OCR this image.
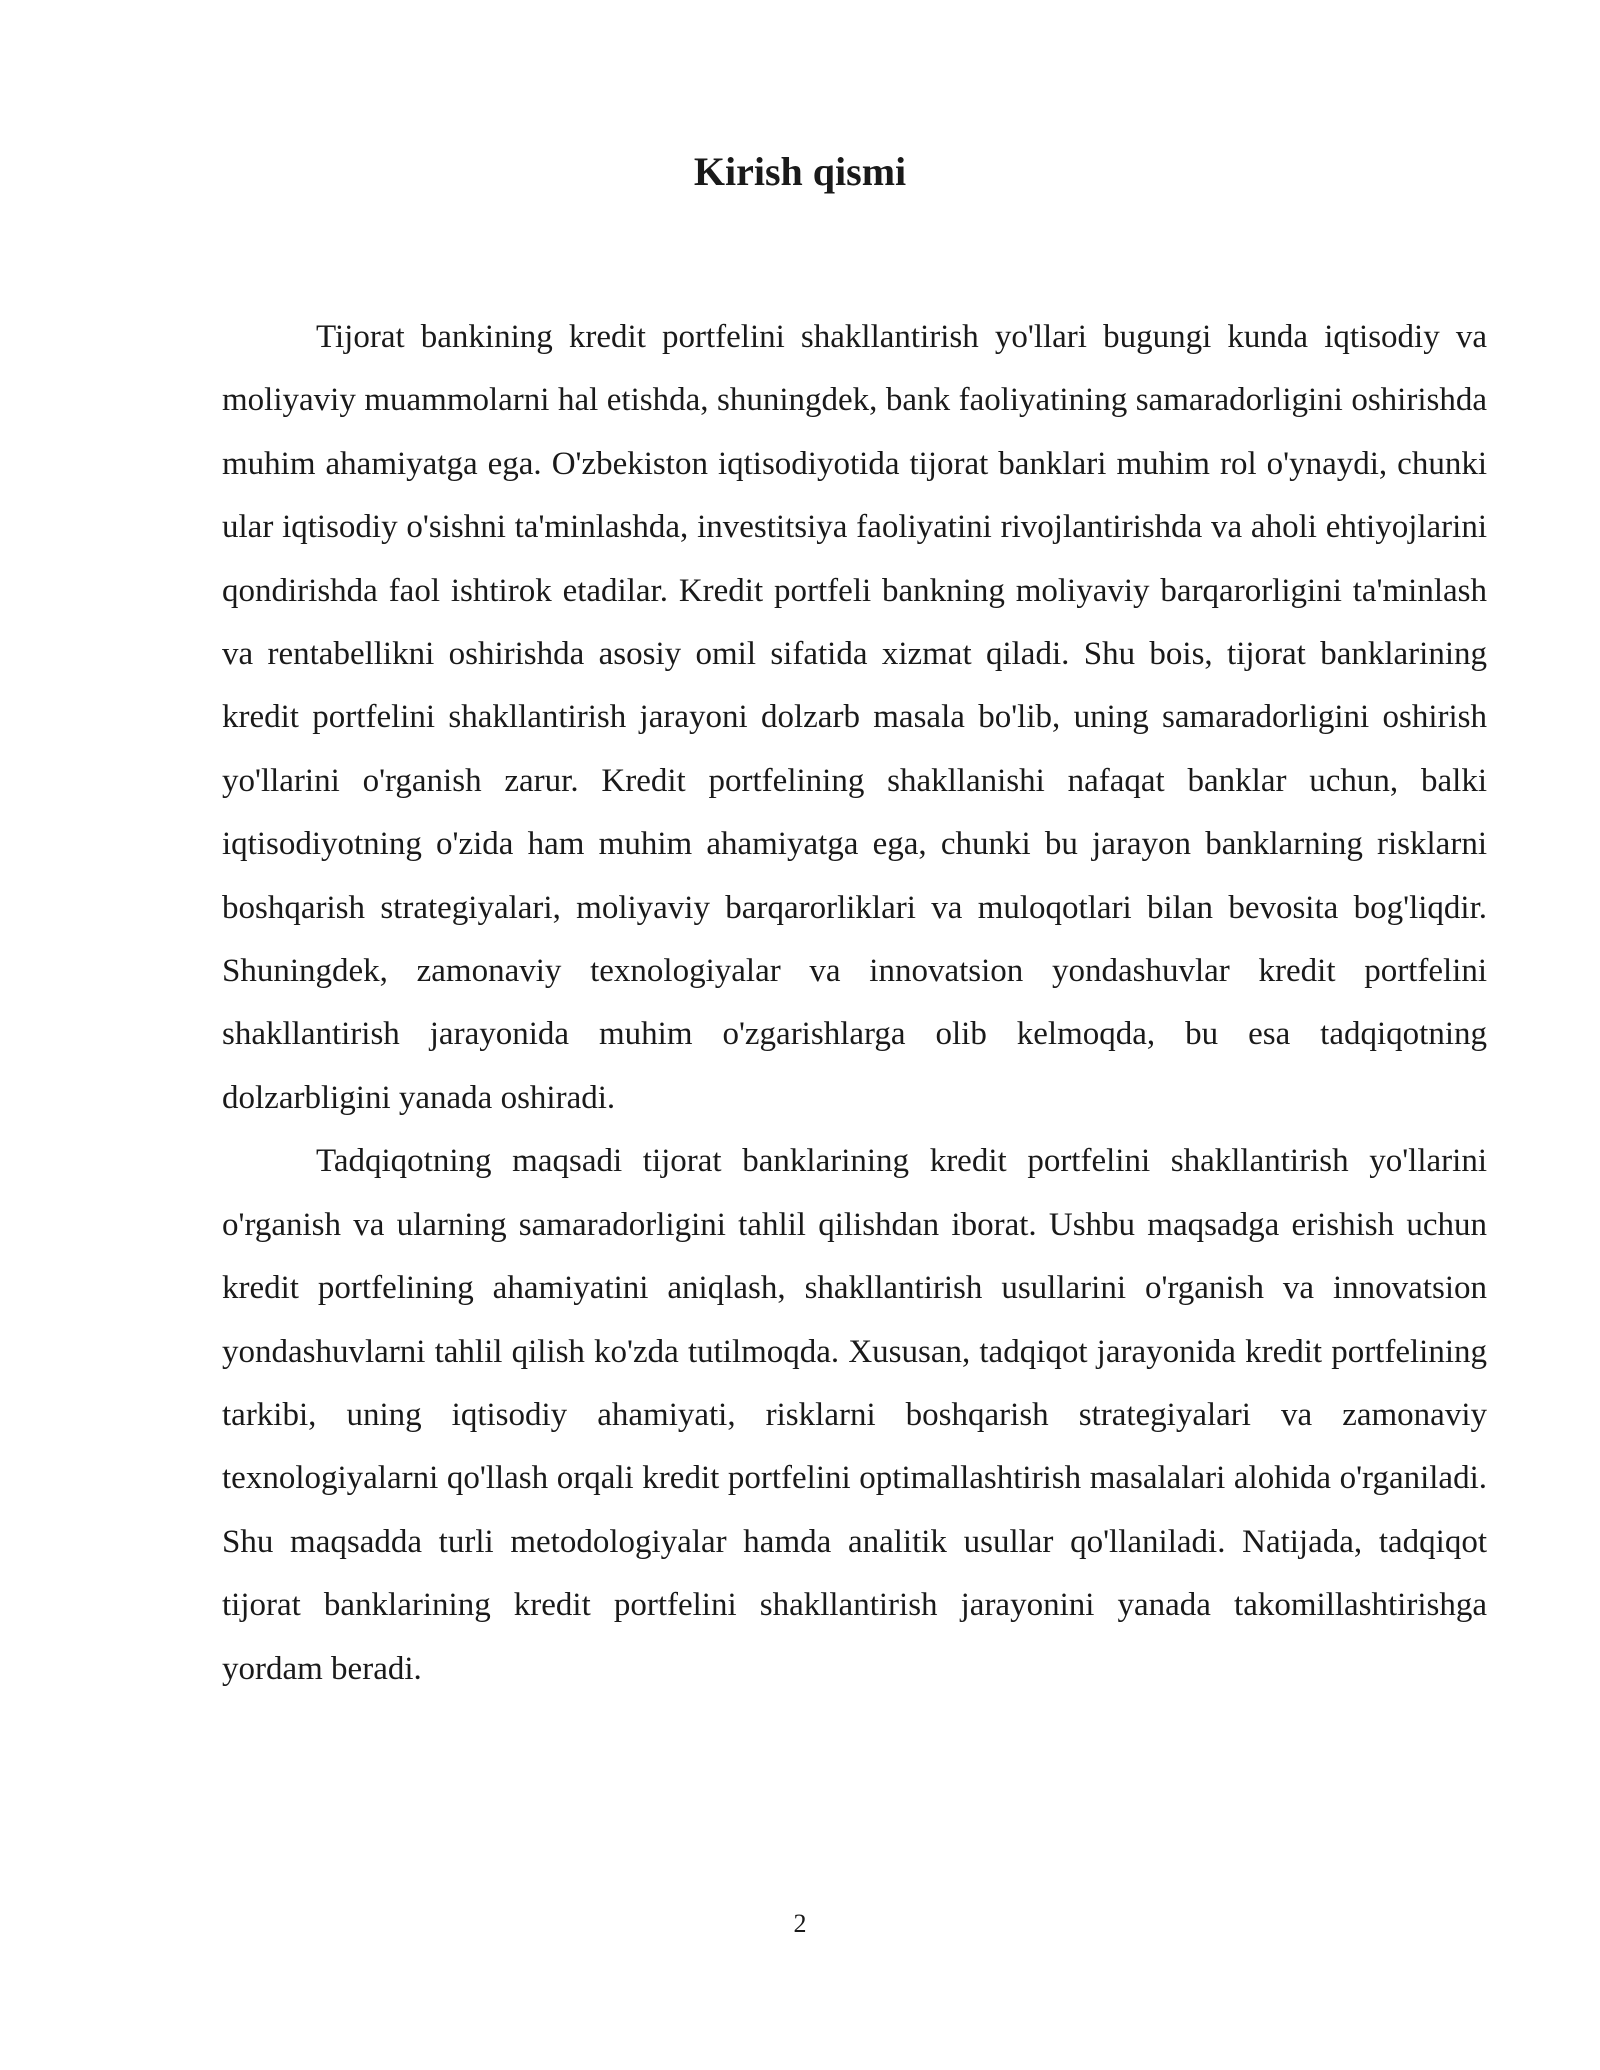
Kirish qismi

Tijorat bankining kredit portfelini shakllantirish yo'llari bugungi kunda iqtisodiy va moliyaviy muammolarni hal etishda, shuningdek, bank faoliyatining samaradorligini oshirishda muhim ahamiyatga ega. O'zbekiston iqtisodiyotida tijorat banklari muhim rol o'ynaydi, chunki ular iqtisodiy o'sishni ta'minlashda, investitsiya faoliyatini rivojlantirishda va aholi ehtiyojlarini qondirishda faol ishtirok etadilar. Kredit portfeli bankning moliyaviy barqarorligini ta'minlash va rentabellikni oshirishda asosiy omil sifatida xizmat qiladi. Shu bois, tijorat banklarining kredit portfelini shakllantirish jarayoni dolzarb masala bo'lib, uning samaradorligini oshirish yo'llarini o'rganish zarur. Kredit portfelining shakllanishi nafaqat banklar uchun, balki iqtisodiyotning o'zida ham muhim ahamiyatga ega, chunki bu jarayon banklarning risklarni boshqarish strategiyalari, moliyaviy barqarorliklari va muloqotlari bilan bevosita bog'liqdir. Shuningdek, zamonaviy texnologiyalar va innovatsion yondashuvlar kredit portfelini shakllantirish jarayonida muhim o'zgarishlarga olib kelmoqda, bu esa tadqiqotning dolzarbligini yanada oshiradi.

Tadqiqotning maqsadi tijorat banklarining kredit portfelini shakllantirish yo'llarini o'rganish va ularning samaradorligini tahlil qilishdan iborat. Ushbu maqsadga erishish uchun kredit portfelining ahamiyatini aniqlash, shakllantirish usullarini o'rganish va innovatsion yondashuvlarni tahlil qilish ko'zda tutilmoqda. Xususan, tadqiqot jarayonida kredit portfelining tarkibi, uning iqtisodiy ahamiyati, risklarni boshqarish strategiyalari va zamonaviy texnologiyalarni qo'llash orqali kredit portfelini optimallashtirish masalalari alohida o'rganiladi. Shu maqsadda turli metodologiyalar hamda analitik usullar qo'llaniladi. Natijada, tadqiqot tijorat banklarining kredit portfelini shakllantirish jarayonini yanada takomillashtirishga yordam beradi.

2
